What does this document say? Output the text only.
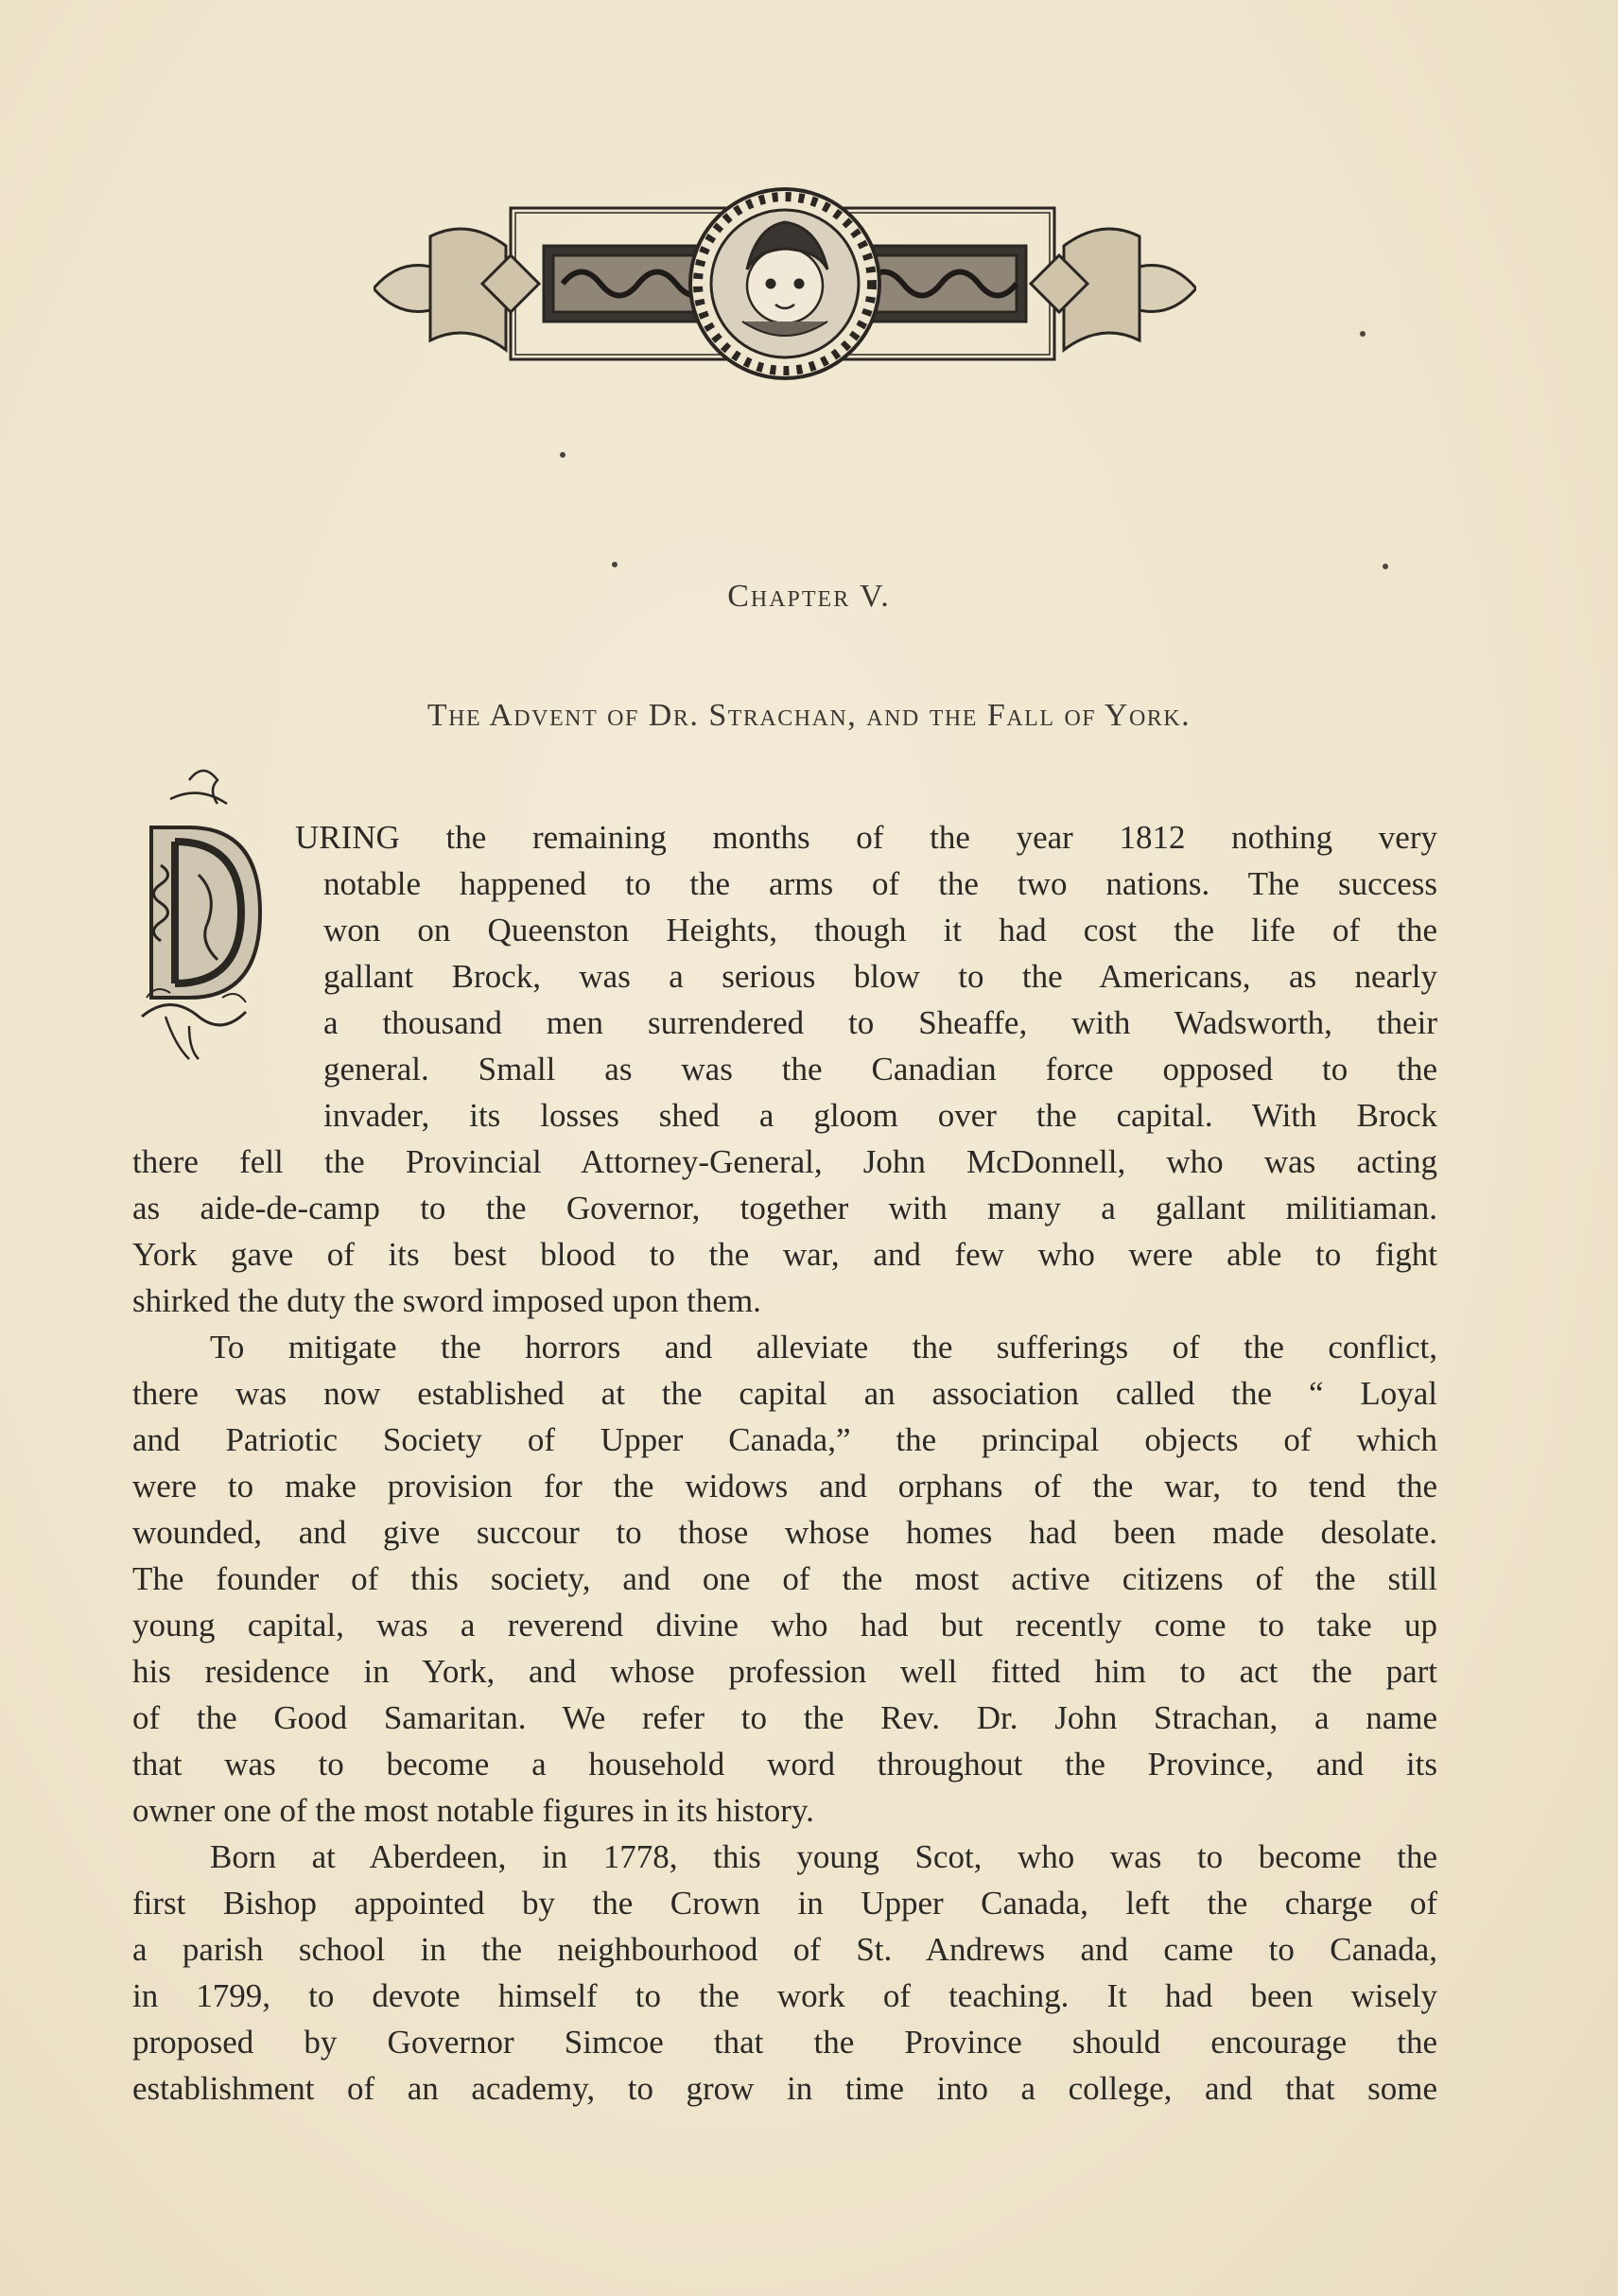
Chapter V.
The Advent of Dr. Strachan, and the Fall of York.
URING the remaining months of the year 1812 nothing very
notable happened to the arms of the two nations. The success
won on Queenston Heights, though it had cost the life of the
gallant Brock, was a serious blow to the Americans, as nearly
a thousand men surrendered to Sheaffe, with Wadsworth, their
general. Small as was the Canadian force opposed to the
invader, its losses shed a gloom over the capital. With Brock
there fell the Provincial Attorney-General, John McDonnell, who was acting
as aide-de-camp to the Governor, together with many a gallant militiaman.
York gave of its best blood to the war, and few who were able to fight
shirked the duty the sword imposed upon them.
To mitigate the horrors and alleviate the sufferings of the conflict,
there was now established at the capital an association called the “ Loyal
and Patriotic Society of Upper Canada,” the principal objects of which
were to make provision for the widows and orphans of the war, to tend the
wounded, and give succour to those whose homes had been made desolate.
The founder of this society, and one of the most active citizens of the still
young capital, was a reverend divine who had but recently come to take up
his residence in York, and whose profession well fitted him to act the part
of the Good Samaritan. We refer to the Rev. Dr. John Strachan, a name
that was to become a household word throughout the Province, and its
owner one of the most notable figures in its history.
Born at Aberdeen, in 1778, this young Scot, who was to become the
first Bishop appointed by the Crown in Upper Canada, left the charge of
a parish school in the neighbourhood of St. Andrews and came to Canada,
in 1799, to devote himself to the work of teaching. It had been wisely
proposed by Governor Simcoe that the Province should encourage the
establishment of an academy, to grow in time into a college, and that some
